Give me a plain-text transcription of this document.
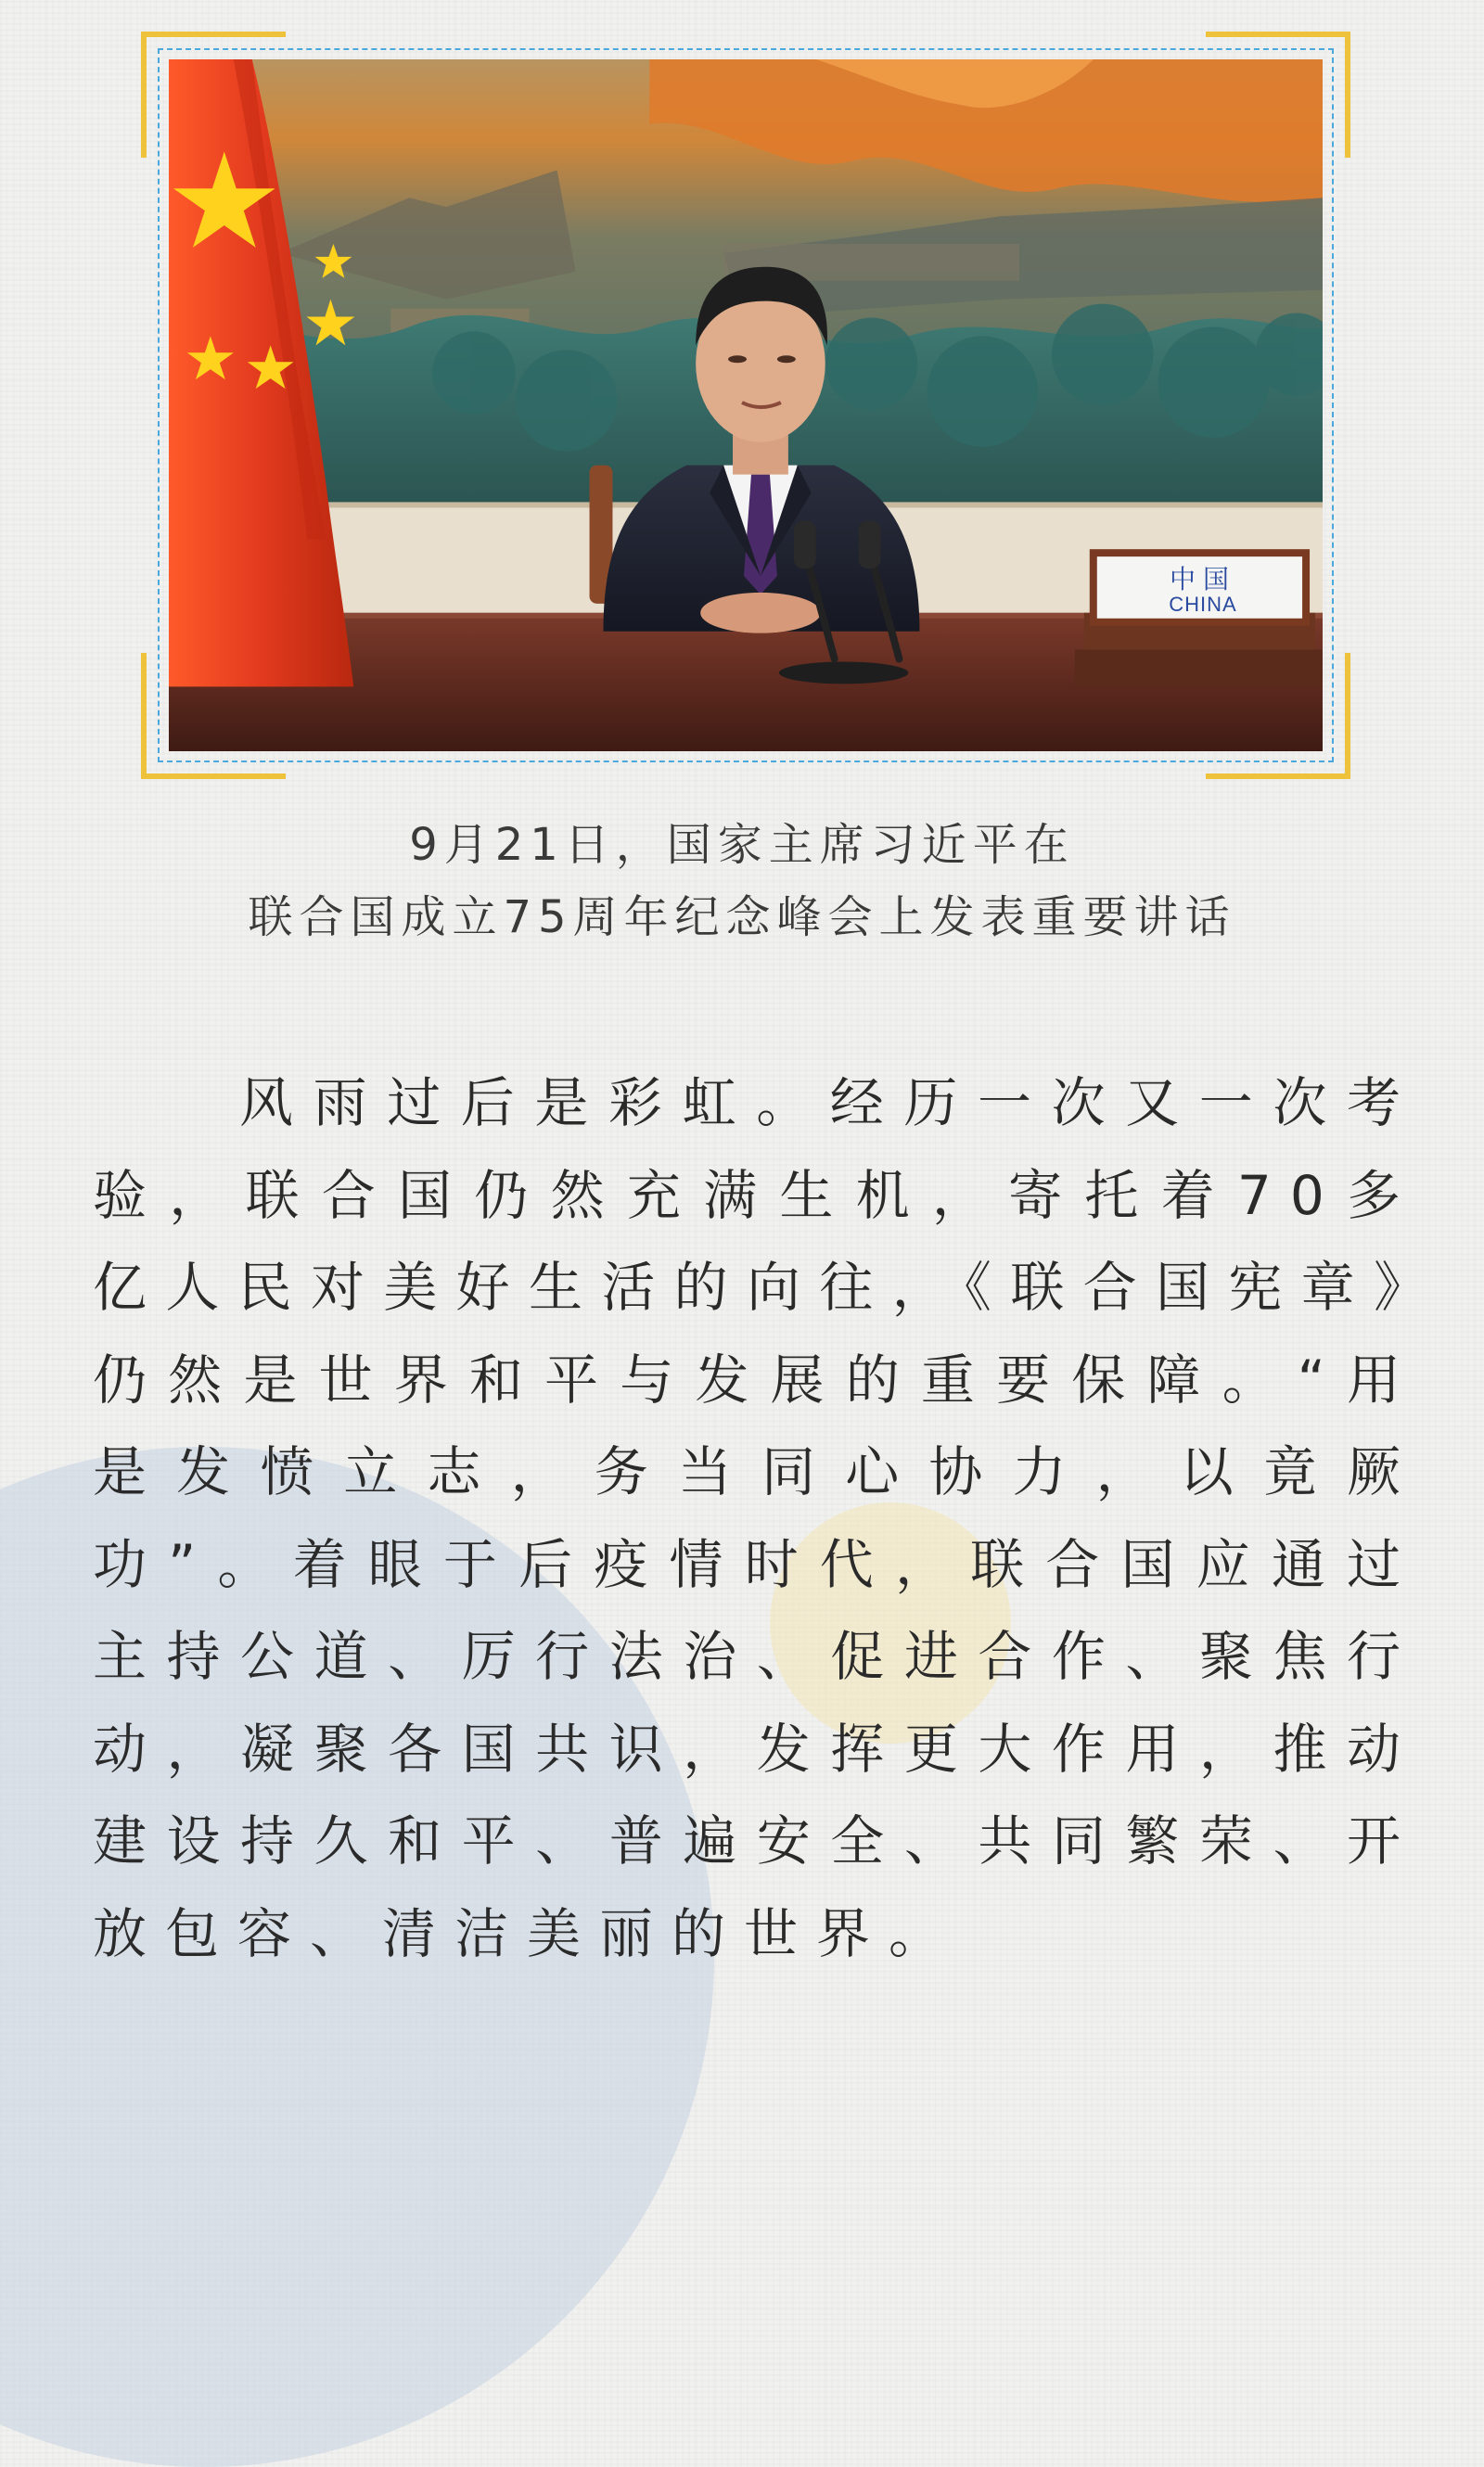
中国
CHINA
9月21日，国家主席习近平在
联合国成立75周年纪念峰会上发表重要讲话

风雨过后是彩虹。经历一次又一次考验，联合国仍然充满生机，寄托着70多亿人民对美好生活的向往，《联合国宪章》仍然是世界和平与发展的重要保障。“用是发愤立志，务当同心协力，以竟厥功”。着眼于后疫情时代，联合国应通过主持公道、厉行法治、促进合作、聚焦行动，凝聚各国共识，发挥更大作用，推动建设持久和平、普遍安全、共同繁荣、开放包容、清洁美丽的世界。
